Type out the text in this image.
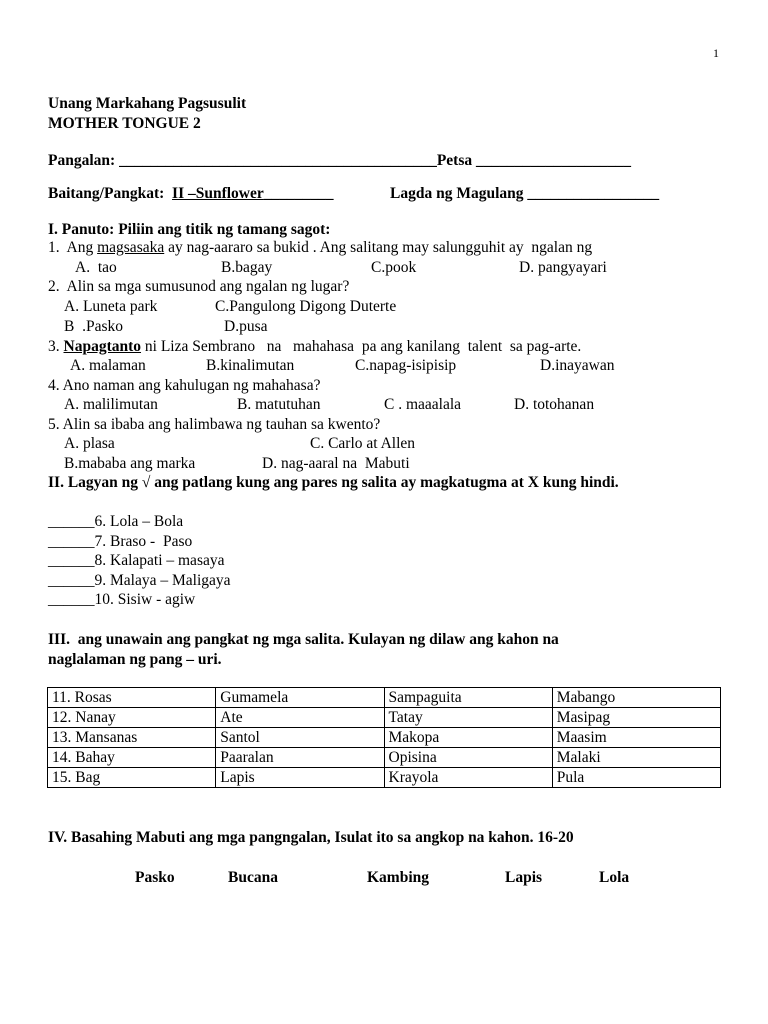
1
Unang Markahang Pagsusulit
MOTHER TONGUE 2
Pangalan: _________________________________________Petsa ____________________
Baitang/Pangkat:  II –Sunflower_________	Lagda ng Magulang _________________
I. Panuto: Piliin ang titik ng tamang sagot:
1.  Ang magsasaka ay nag-aararo sa bukid . Ang salitang may salungguhit ay  ngalan ng
A.  tao	B.bagay	C.pook	D. pangyayari
2.  Alin sa mga sumusunod ang ngalan ng lugar?
A. Luneta park	C.Pangulong Digong Duterte
B  .Pasko	D.pusa
3. Napagtanto ni Liza Sembrano   na   mahahasa  pa ang kanilang  talent  sa pag-arte.
A. malaman	B.kinalimutan	C.napag-isipisip	D.inayawan
4. Ano naman ang kahulugan ng mahahasa?
A. malilimutan	B. matutuhan	C . maaalala	D. totohanan
5. Alin sa ibaba ang halimbawa ng tauhan sa kwento?
A. plasa	C. Carlo at Allen
B.mababa ang marka	D. nag-aaral na  Mabuti
II. Lagyan ng √ ang patlang kung ang pares ng salita ay magkatugma at X kung hindi.
______6. Lola – Bola
______7. Braso -  Paso
______8. Kalapati – masaya
______9. Malaya – Maligaya
______10. Sisiw - agiw
III.  ang unawain ang pangkat ng mga salita. Kulayan ng dilaw ang kahon na
naglalaman ng pang – uri.
11. Rosas	Gumamela	Sampaguita	Mabango
12. Nanay	Ate	Tatay	Masipag
13. Mansanas	Santol	Makopa	Maasim
14. Bahay	Paaralan	Opisina	Malaki
15. Bag	Lapis	Krayola	Pula
IV. Basahing Mabuti ang mga pangngalan, Isulat ito sa angkop na kahon. 16-20
Pasko	Bucana	Kambing	Lapis	Lola
